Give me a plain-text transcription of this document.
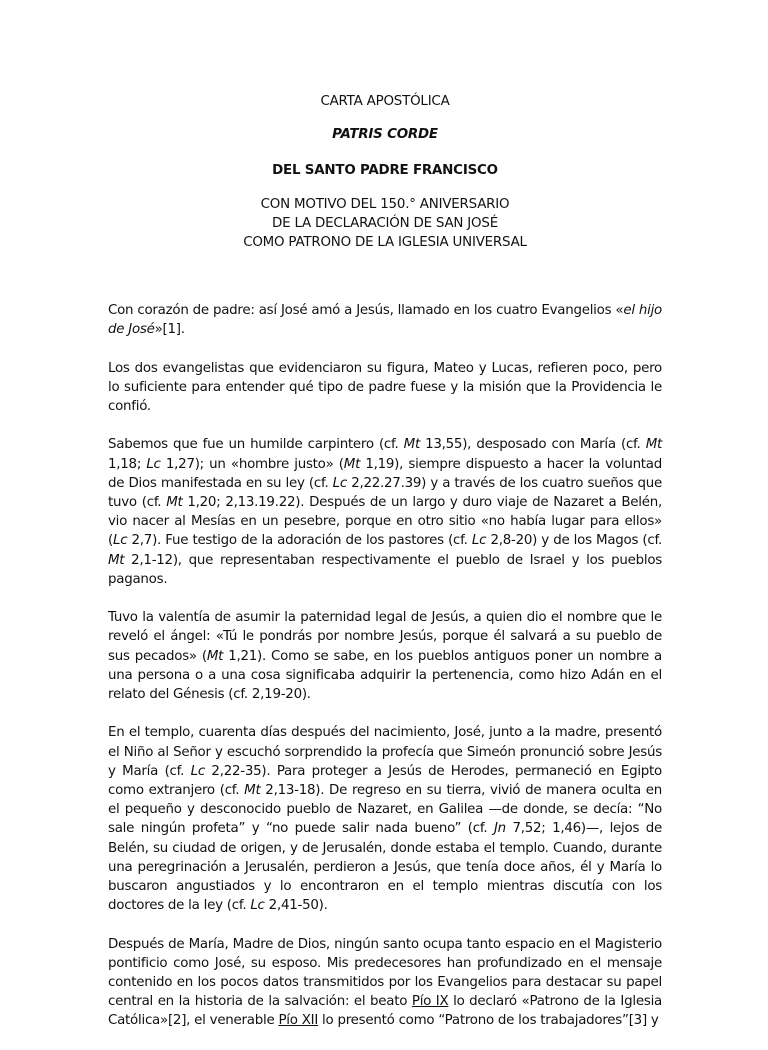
CARTA APOSTÓLICA
PATRIS CORDE
DEL SANTO PADRE FRANCISCO
CON MOTIVO DEL 150.° ANIVERSARIO
DE LA DECLARACIÓN DE SAN JOSÉ
COMO PATRONO DE LA IGLESIA UNIVERSAL

Con corazón de padre: así José amó a Jesús, llamado en los cuatro Evangelios «el hijo de José»[1].

Los dos evangelistas que evidenciaron su figura, Mateo y Lucas, refieren poco, pero lo suficiente para entender qué tipo de padre fuese y la misión que la Providencia le confió.

Sabemos que fue un humilde carpintero (cf. Mt 13,55), desposado con María (cf. Mt 1,18; Lc 1,27); un «hombre justo» (Mt 1,19), siempre dispuesto a hacer la voluntad de Dios manifestada en su ley (cf. Lc 2,22.27.39) y a través de los cuatro sueños que tuvo (cf. Mt 1,20; 2,13.19.22). Después de un largo y duro viaje de Nazaret a Belén, vio nacer al Mesías en un pesebre, porque en otro sitio «no había lugar para ellos» (Lc 2,7). Fue testigo de la adoración de los pastores (cf. Lc 2,8-20) y de los Magos (cf. Mt 2,1-12), que representaban respectivamente el pueblo de Israel y los pueblos paganos.

Tuvo la valentía de asumir la paternidad legal de Jesús, a quien dio el nombre que le reveló el ángel: «Tú le pondrás por nombre Jesús, porque él salvará a su pueblo de sus pecados» (Mt 1,21). Como se sabe, en los pueblos antiguos poner un nombre a una persona o a una cosa significaba adquirir la pertenencia, como hizo Adán en el relato del Génesis (cf. 2,19-20).

En el templo, cuarenta días después del nacimiento, José, junto a la madre, presentó el Niño al Señor y escuchó sorprendido la profecía que Simeón pronunció sobre Jesús y María (cf. Lc 2,22-35). Para proteger a Jesús de Herodes, permaneció en Egipto como extranjero (cf. Mt 2,13-18). De regreso en su tierra, vivió de manera oculta en el pequeño y desconocido pueblo de Nazaret, en Galilea —de donde, se decía: “No sale ningún profeta” y “no puede salir nada bueno” (cf. Jn 7,52; 1,46)—, lejos de Belén, su ciudad de origen, y de Jerusalén, donde estaba el templo. Cuando, durante una peregrinación a Jerusalén, perdieron a Jesús, que tenía doce años, él y María lo buscaron angustiados y lo encontraron en el templo mientras discutía con los doctores de la ley (cf. Lc 2,41-50).

Después de María, Madre de Dios, ningún santo ocupa tanto espacio en el Magisterio pontificio como José, su esposo. Mis predecesores han profundizado en el mensaje contenido en los pocos datos transmitidos por los Evangelios para destacar su papel central en la historia de la salvación: el beato Pío IX lo declaró «Patrono de la Iglesia Católica»[2], el venerable Pío XII lo presentó como “Patrono de los trabajadores”[3] y
